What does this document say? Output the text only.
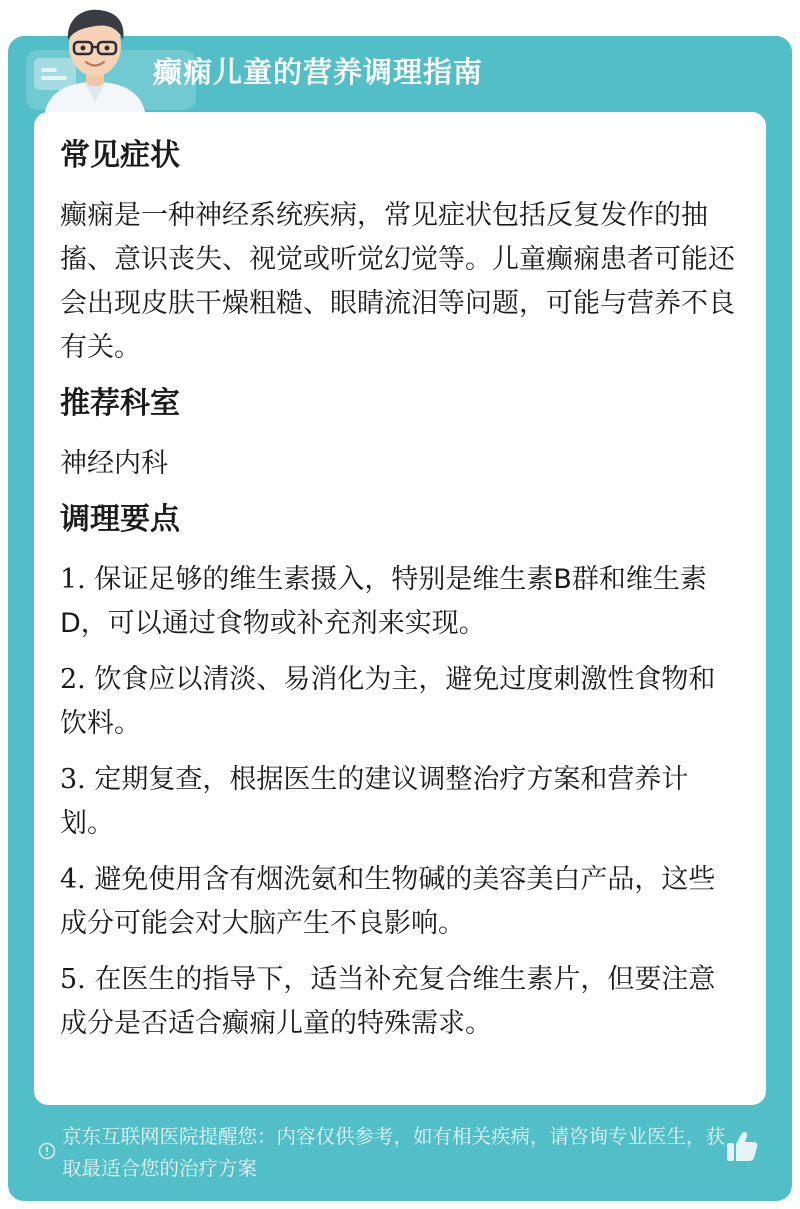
癫痫儿童的营养调理指南
常见症状

癫痫是一种神经系统疾病，常见症状包括反复发作的抽搐、意识丧失、视觉或听觉幻觉等。儿童癫痫患者可能还会出现皮肤干燥粗糙、眼睛流泪等问题，可能与营养不良有关。

推荐科室

神经内科

调理要点

1. 保证足够的维生素摄入，特别是维生素B群和维生素D，可以通过食物或补充剂来实现。

2. 饮食应以清淡、易消化为主，避免过度刺激性食物和饮料。

3. 定期复查，根据医生的建议调整治疗方案和营养计划。

4. 避免使用含有烟洗氨和生物碱的美容美白产品，这些成分可能会对大脑产生不良影响。

5. 在医生的指导下，适当补充复合维生素片，但要注意成分是否适合癫痫儿童的特殊需求。

京东互联网医院提醒您：内容仅供参考，如有相关疾病，请咨询专业医生，获取最适合您的治疗方案
